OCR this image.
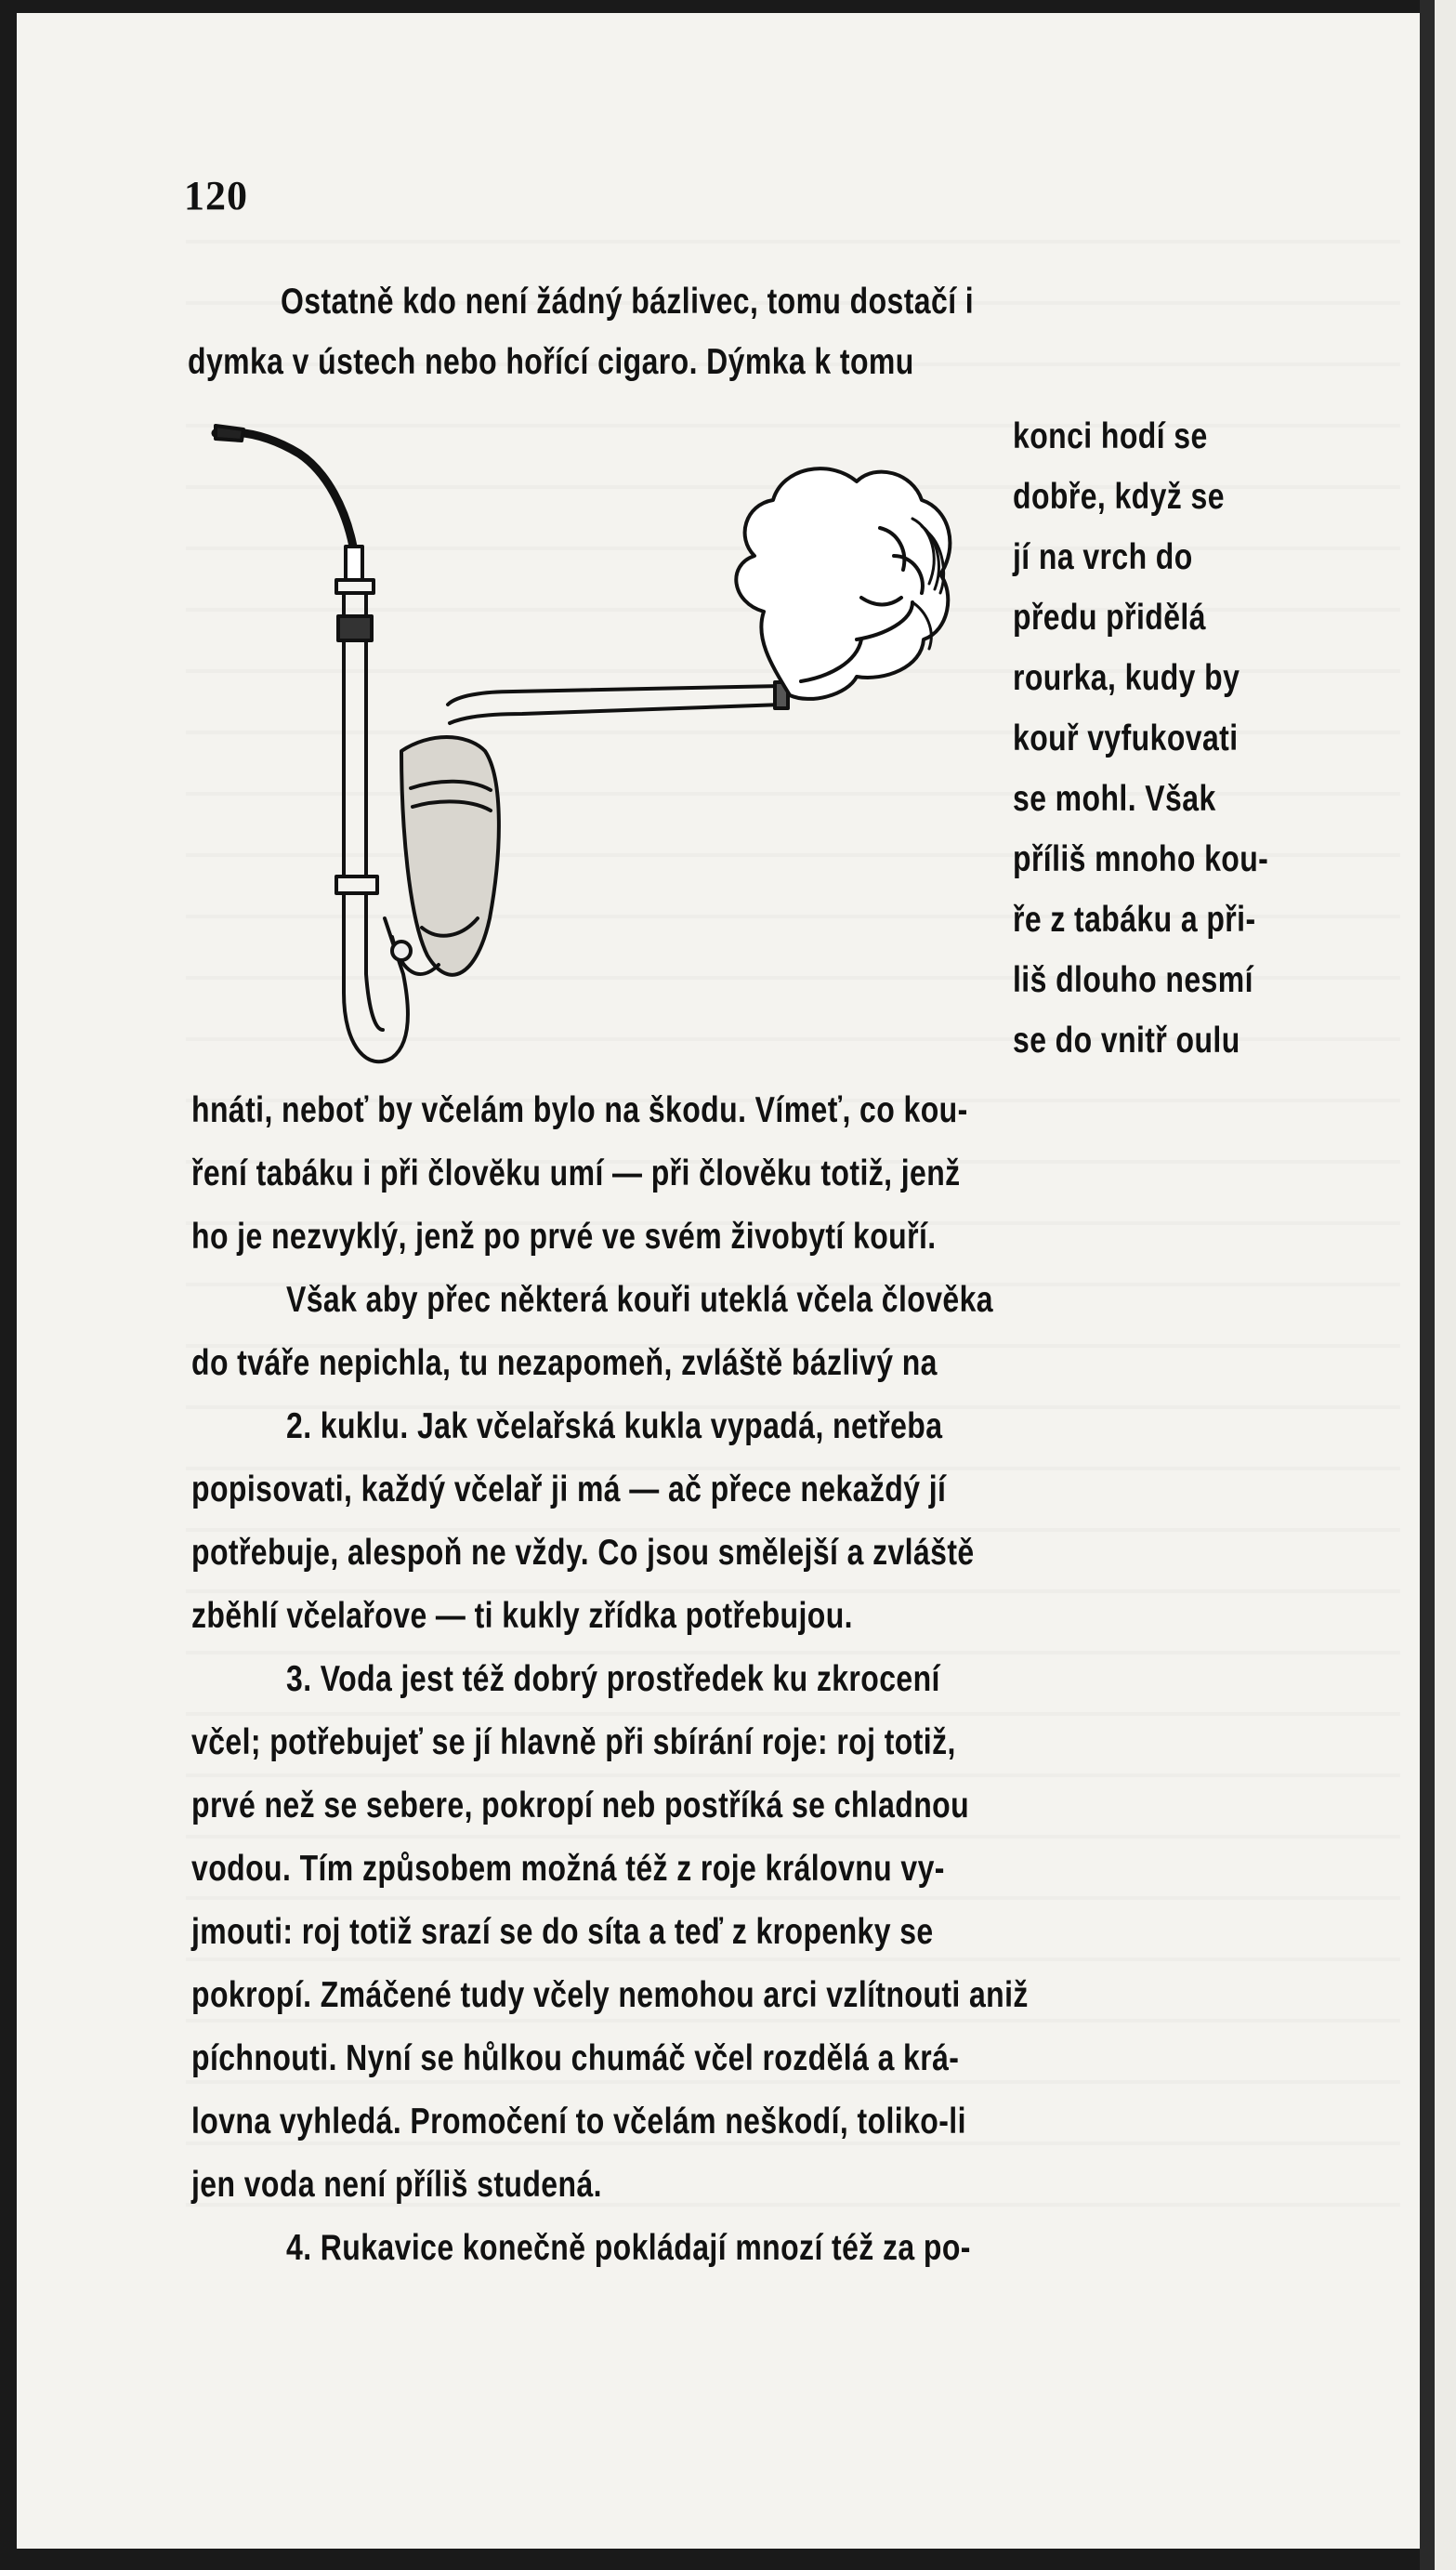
120
Ostatně kdo není žádný bázlivec, tomu dostačí i
dymka v ústech nebo hořící cigaro. Dýmka k tomu
konci hodí se
dobře, když se
jí na vrch do
předu přidělá
rourka, kudy by
kouř vyfukovati
se mohl. Však
příliš mnoho kou-
ře z tabáku a při-
liš dlouho nesmí
se do vnitř oulu
hnáti, neboť by včelám bylo na škodu. Vímeť, co kou-
ření tabáku i při človĕku umí — při člověku totiž, jenž
ho je nezvyklý, jenž po prvé ve svém živobytí kouří.
Však aby přec některá kouři uteklá včela člověka
do tváře nepichla, tu nezapomeň, zvláště bázlivý na
2. kuklu. Jak včelařská kukla vypadá, netřeba
popisovati, každý včelař ji má — ač přece nekaždý jí
potřebuje, alespoň ne vždy. Co jsou smělejší a zvláště
zběhlí včelařove — ti kukly zřídka potřebujou.
3. Voda jest též dobrý prostředek ku zkrocení
včel; potřebujeť se jí hlavně při sbírání roje: roj totiž,
prvé než se sebere, pokropí neb postříká se chladnou
vodou. Tím způsobem možná též z roje královnu vy-
jmouti: roj totiž srazí se do síta a teď z kropenky se
pokropí. Zmáčené tudy včely nemohou arci vzlítnouti aniž
píchnouti. Nyní se hůlkou chumáč včel rozdělá a krá-
lovna vyhledá. Promočení to včelám neškodí, toliko-li
jen voda není příliš studená.
4. Rukavice konečně pokládají mnozí též za po-
